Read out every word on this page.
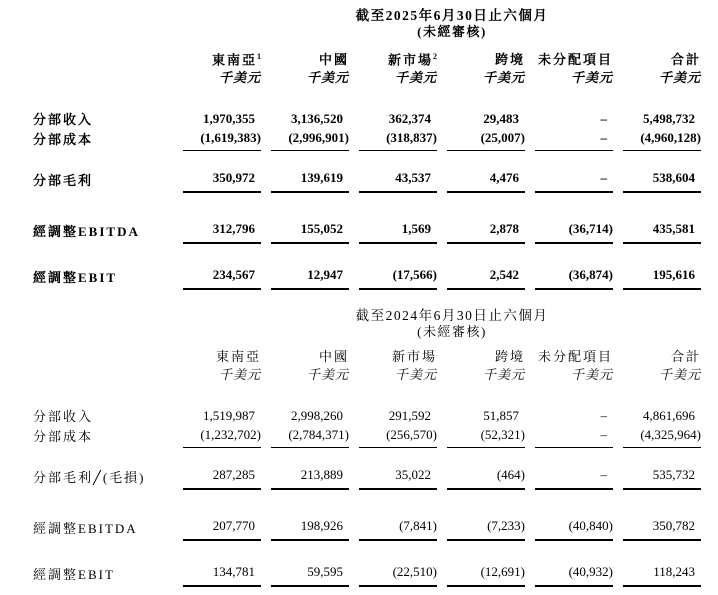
截至2025年6月30日止六個月
(未經審核)
	東南亞$^1$	中國	新市場$^2$	跨境	未分配項目	合計
	千美元	千美元	千美元	千美元	千美元	千美元
分部收入	1,970,355	3,136,520	362,374	29,483	–	5,498,732
分部成本	(1,619,383)	(2,996,901)	(318,837)	(25,007)	–	(4,960,128)

分部毛利	350,972	139,619	43,537	4,476	–	538,604

經調整EBITDA	312,796	155,052	1,569	2,878	(36,714)	435,581

經調整EBIT	234,567	12,947	(17,566)	2,542	(36,874)	195,616
截至2024年6月30日止六個月
(未經審核)
	東南亞	中國	新市場	跨境	未分配項目	合計
	千美元	千美元	千美元	千美元	千美元	千美元
分部收入	1,519,987	2,998,260	291,592	51,857	–	4,861,696
分部成本	(1,232,702)	(2,784,371)	(256,570)	(52,321)	–	(4,325,964)

分部毛利╱(毛損)	287,285	213,889	35,022	(464)	–	535,732

經調整EBITDA	207,770	198,926	(7,841)	(7,233)	(40,840)	350,782

經調整EBIT	134,781	59,595	(22,510)	(12,691)	(40,932)	118,243
